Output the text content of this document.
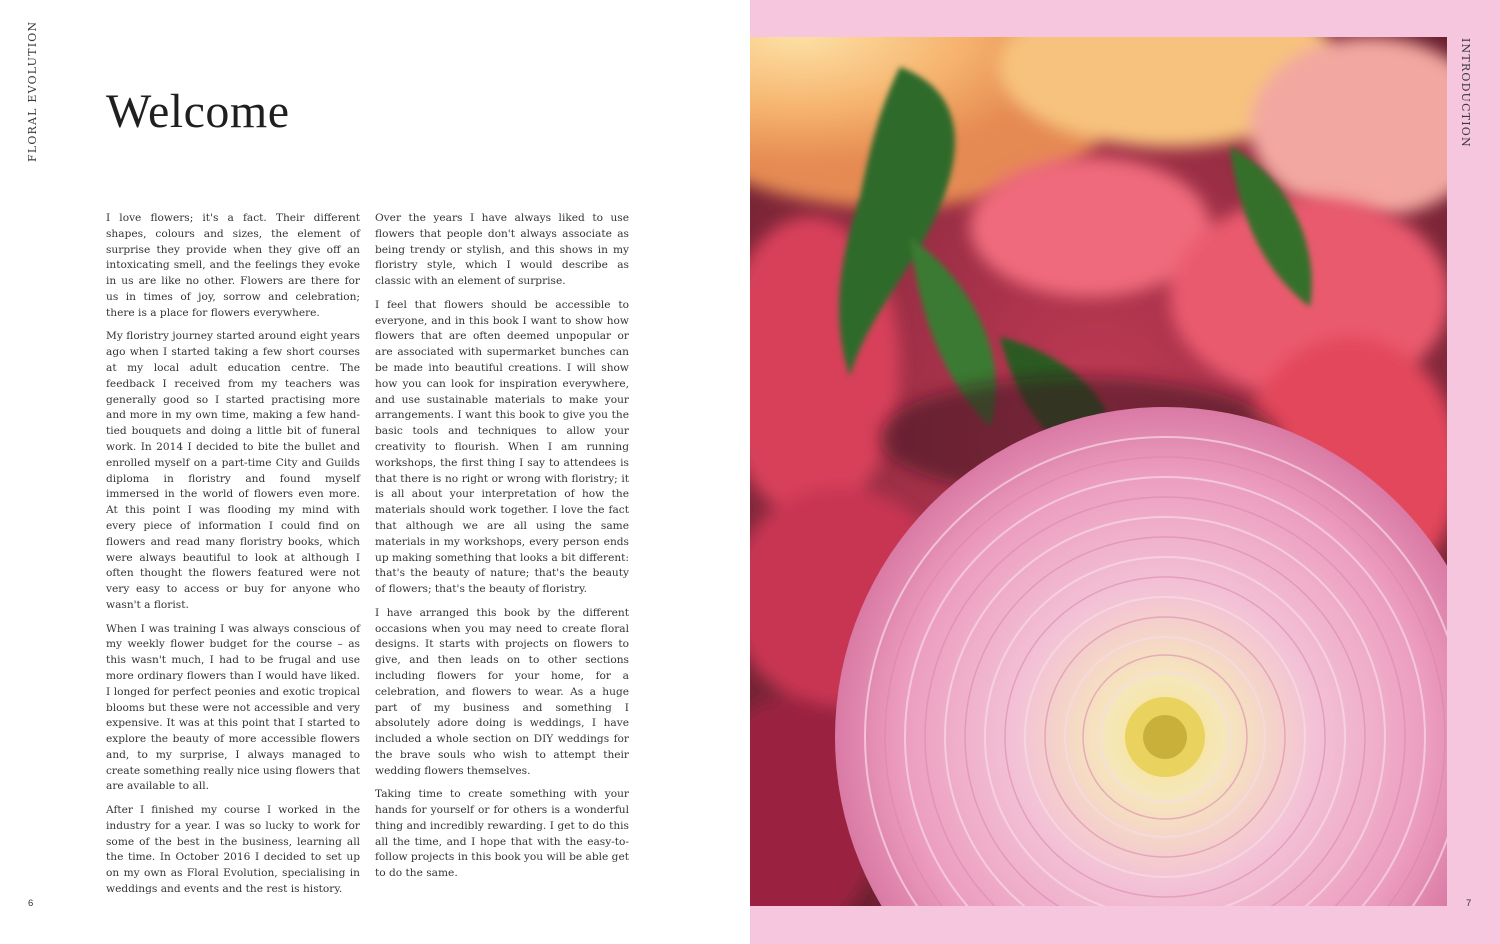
FLORAL EVOLUTION Welcome

I love flowers; it's a fact. Their different shapes, colours and sizes, the element of surprise they provide when they give off an intoxicating smell, and the feelings they evoke in us are like no other. Flowers are there for us in times of joy, sorrow and celebration; there is a place for flowers everywhere.

My floristry journey started around eight years ago when I started taking a few short courses at my local adult education centre. The feedback I received from my teachers was generally good so I started practising more and more in my own time, making a few hand-tied bouquets and doing a little bit of funeral work. In 2014 I decided to bite the bullet and enrolled myself on a part-time City and Guilds diploma in floristry and found myself immersed in the world of flowers even more. At this point I was flooding my mind with every piece of information I could find on flowers and read many floristry books, which were always beautiful to look at although I often thought the flowers featured were not very easy to access or buy for anyone who wasn't a florist.

When I was training I was always conscious of my weekly flower budget for the course – as this wasn't much, I had to be frugal and use more ordinary flowers than I would have liked. I longed for perfect peonies and exotic tropical blooms but these were not accessible and very expensive. It was at this point that I started to explore the beauty of more accessible flowers and, to my surprise, I always managed to create something really nice using flowers that are available to all.

After I finished my course I worked in the industry for a year. I was so lucky to work for some of the best in the business, learning all the time. In October 2016 I decided to set up on my own as Floral Evolution, specialising in weddings and events and the rest is history.

Over the years I have always liked to use flowers that people don't always associate as being trendy or stylish, and this shows in my floristry style, which I would describe as classic with an element of surprise.

I feel that flowers should be accessible to everyone, and in this book I want to show how flowers that are often deemed unpopular or are associated with supermarket bunches can be made into beautiful creations. I will show how you can look for inspiration everywhere, and use sustainable materials to make your arrangements. I want this book to give you the basic tools and techniques to allow your creativity to flourish. When I am running workshops, the first thing I say to attendees is that there is no right or wrong with floristry; it is all about your interpretation of how the materials should work together. I love the fact that although we are all using the same materials in my workshops, every person ends up making something that looks a bit different: that's the beauty of nature; that's the beauty of flowers; that's the beauty of floristry.

I have arranged this book by the different occasions when you may need to create floral designs. It starts with projects on flowers to give, and then leads on to other sections including flowers for your home, for a celebration, and flowers to wear. As a huge part of my business and something I absolutely adore doing is weddings, I have included a whole section on DIY weddings for the brave souls who wish to attempt their wedding flowers themselves.

Taking time to create something with your hands for yourself or for others is a wonderful thing and incredibly rewarding. I get to do this all the time, and I hope that with the easy-to-follow projects in this book you will be able get to do the same.

6
INTRODUCTION
7
